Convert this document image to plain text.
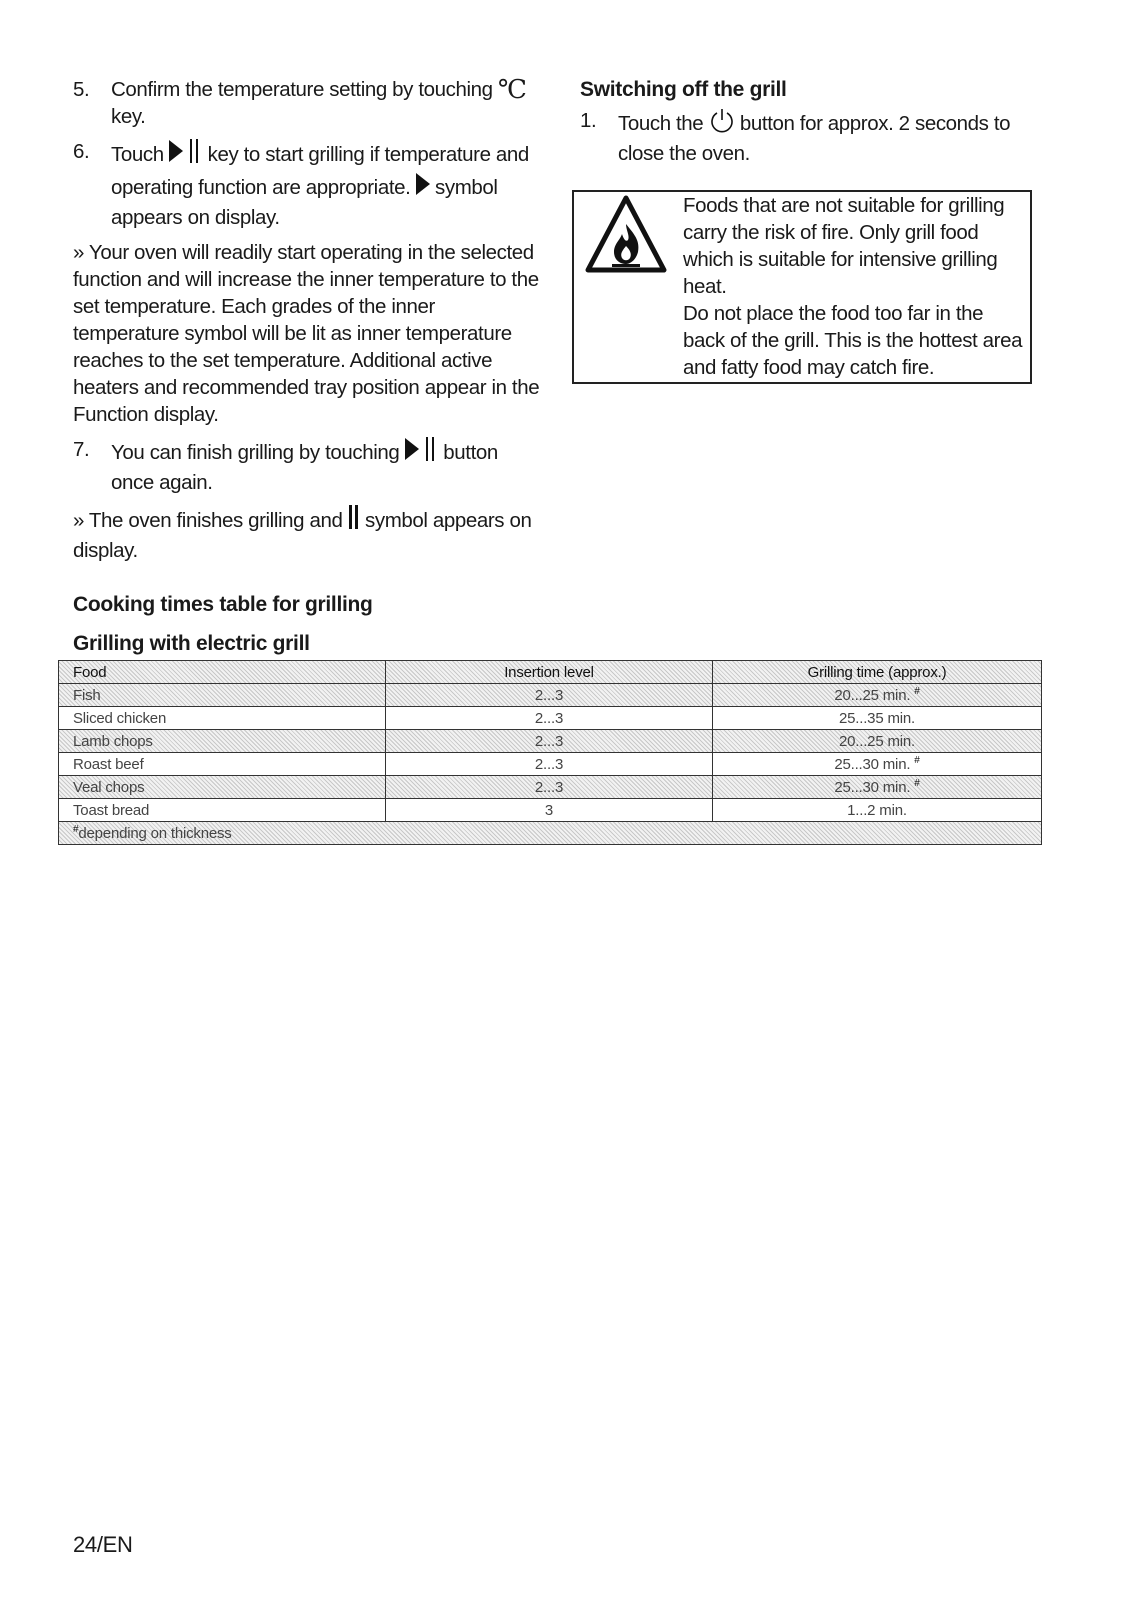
5. Confirm the temperature setting by touching ℃ key.
6. Touch key to start grilling if temperature and operating function are appropriate. symbol appears on display.

» Your oven will readily start operating in the selected function and will increase the inner temperature to the set temperature. Each grades of the inner temperature symbol will be lit as inner temperature reaches to the set temperature. Additional active heaters and recommended tray position appear in the Function display.

7. You can finish grilling by touching button once again.

» The oven finishes grilling and symbol appears on display.

Switching off the grill
1. Touch the button for approx. 2 seconds to close the oven.

Foods that are not suitable for grilling carry the risk of fire. Only grill food which is suitable for intensive grilling heat.

Do not place the food too far in the back of the grill. This is the hottest area and fatty food may catch fire.

Cooking times table for grilling
Grilling with electric grill
Food	Insertion level	Grilling time (approx.)
Fish	2...3	20...25 min. #
Sliced chicken	2...3	25...35 min.
Lamb chops	2...3	20...25 min.
Roast beef	2...3	25...30 min. #
Veal chops	2...3	25...30 min. #
Toast bread	3	1...2 min.
#depending on thickness		
24/EN
